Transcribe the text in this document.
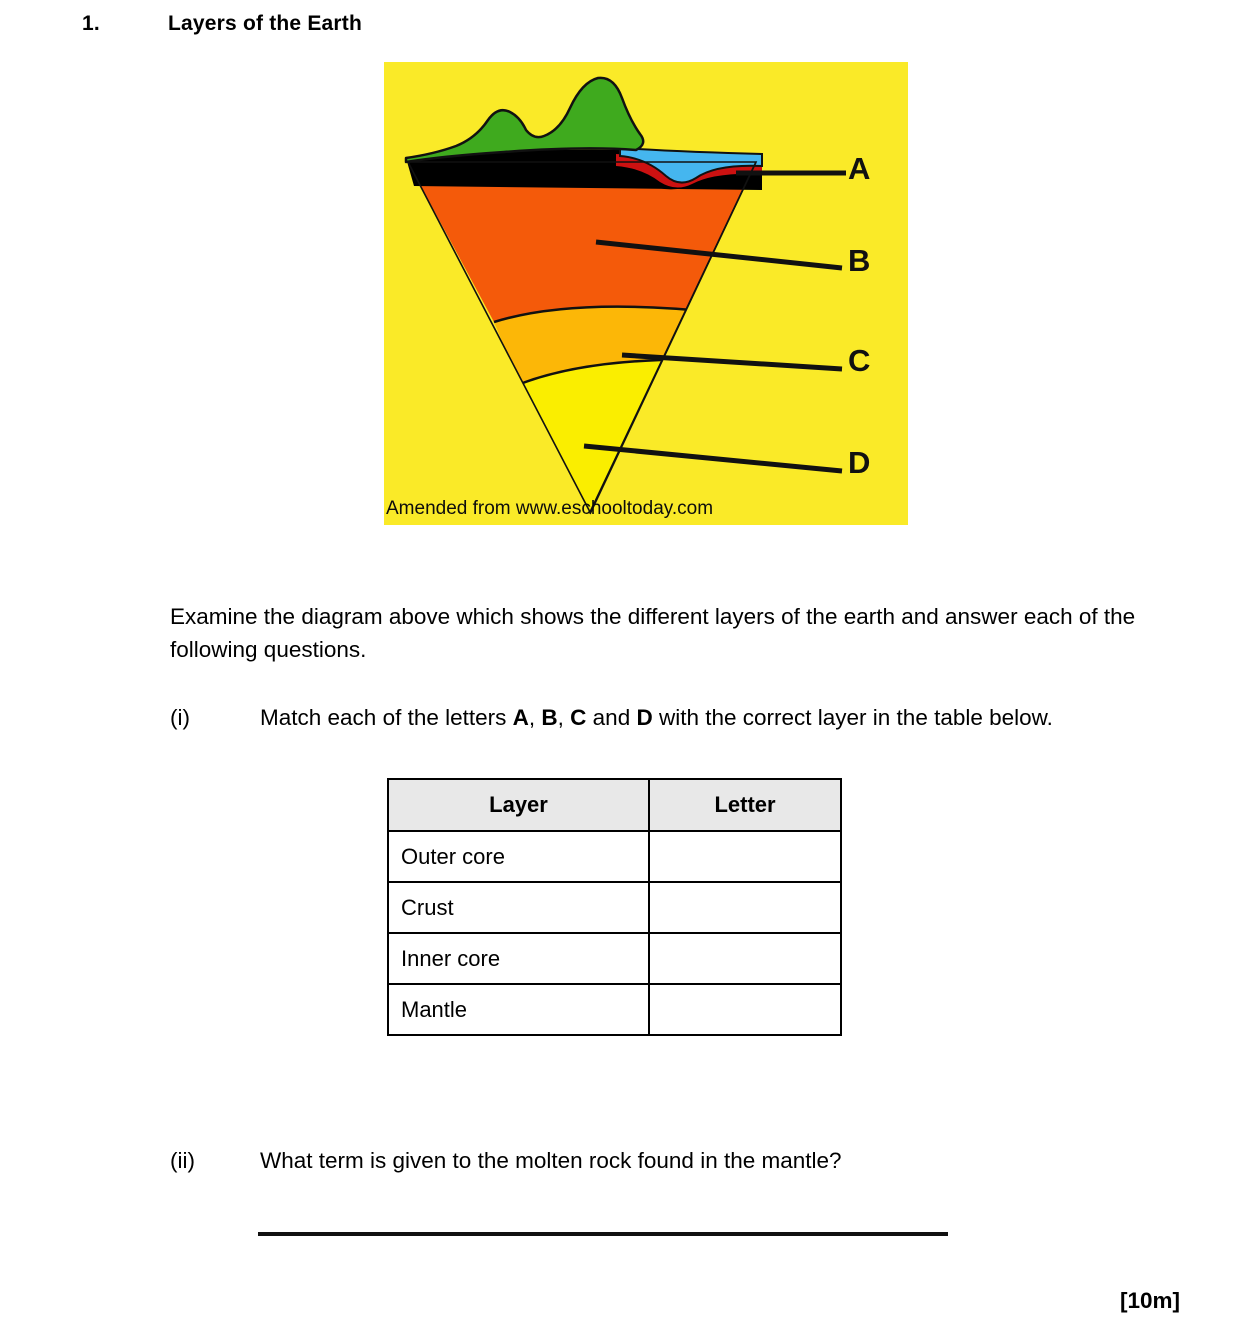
1.	Layers of the Earth
A
B
C
D
Amended from www.eschooltoday.com
Examine the diagram above which shows the different layers of the earth and answer each of the following questions.
(i)	Match each of the letters A, B, C and D with the correct layer in the table below.
Layer	Letter
Outer core	
Crust	
Inner core	
Mantle	
(ii)	What term is given to the molten rock found in the mantle?
[10m]
